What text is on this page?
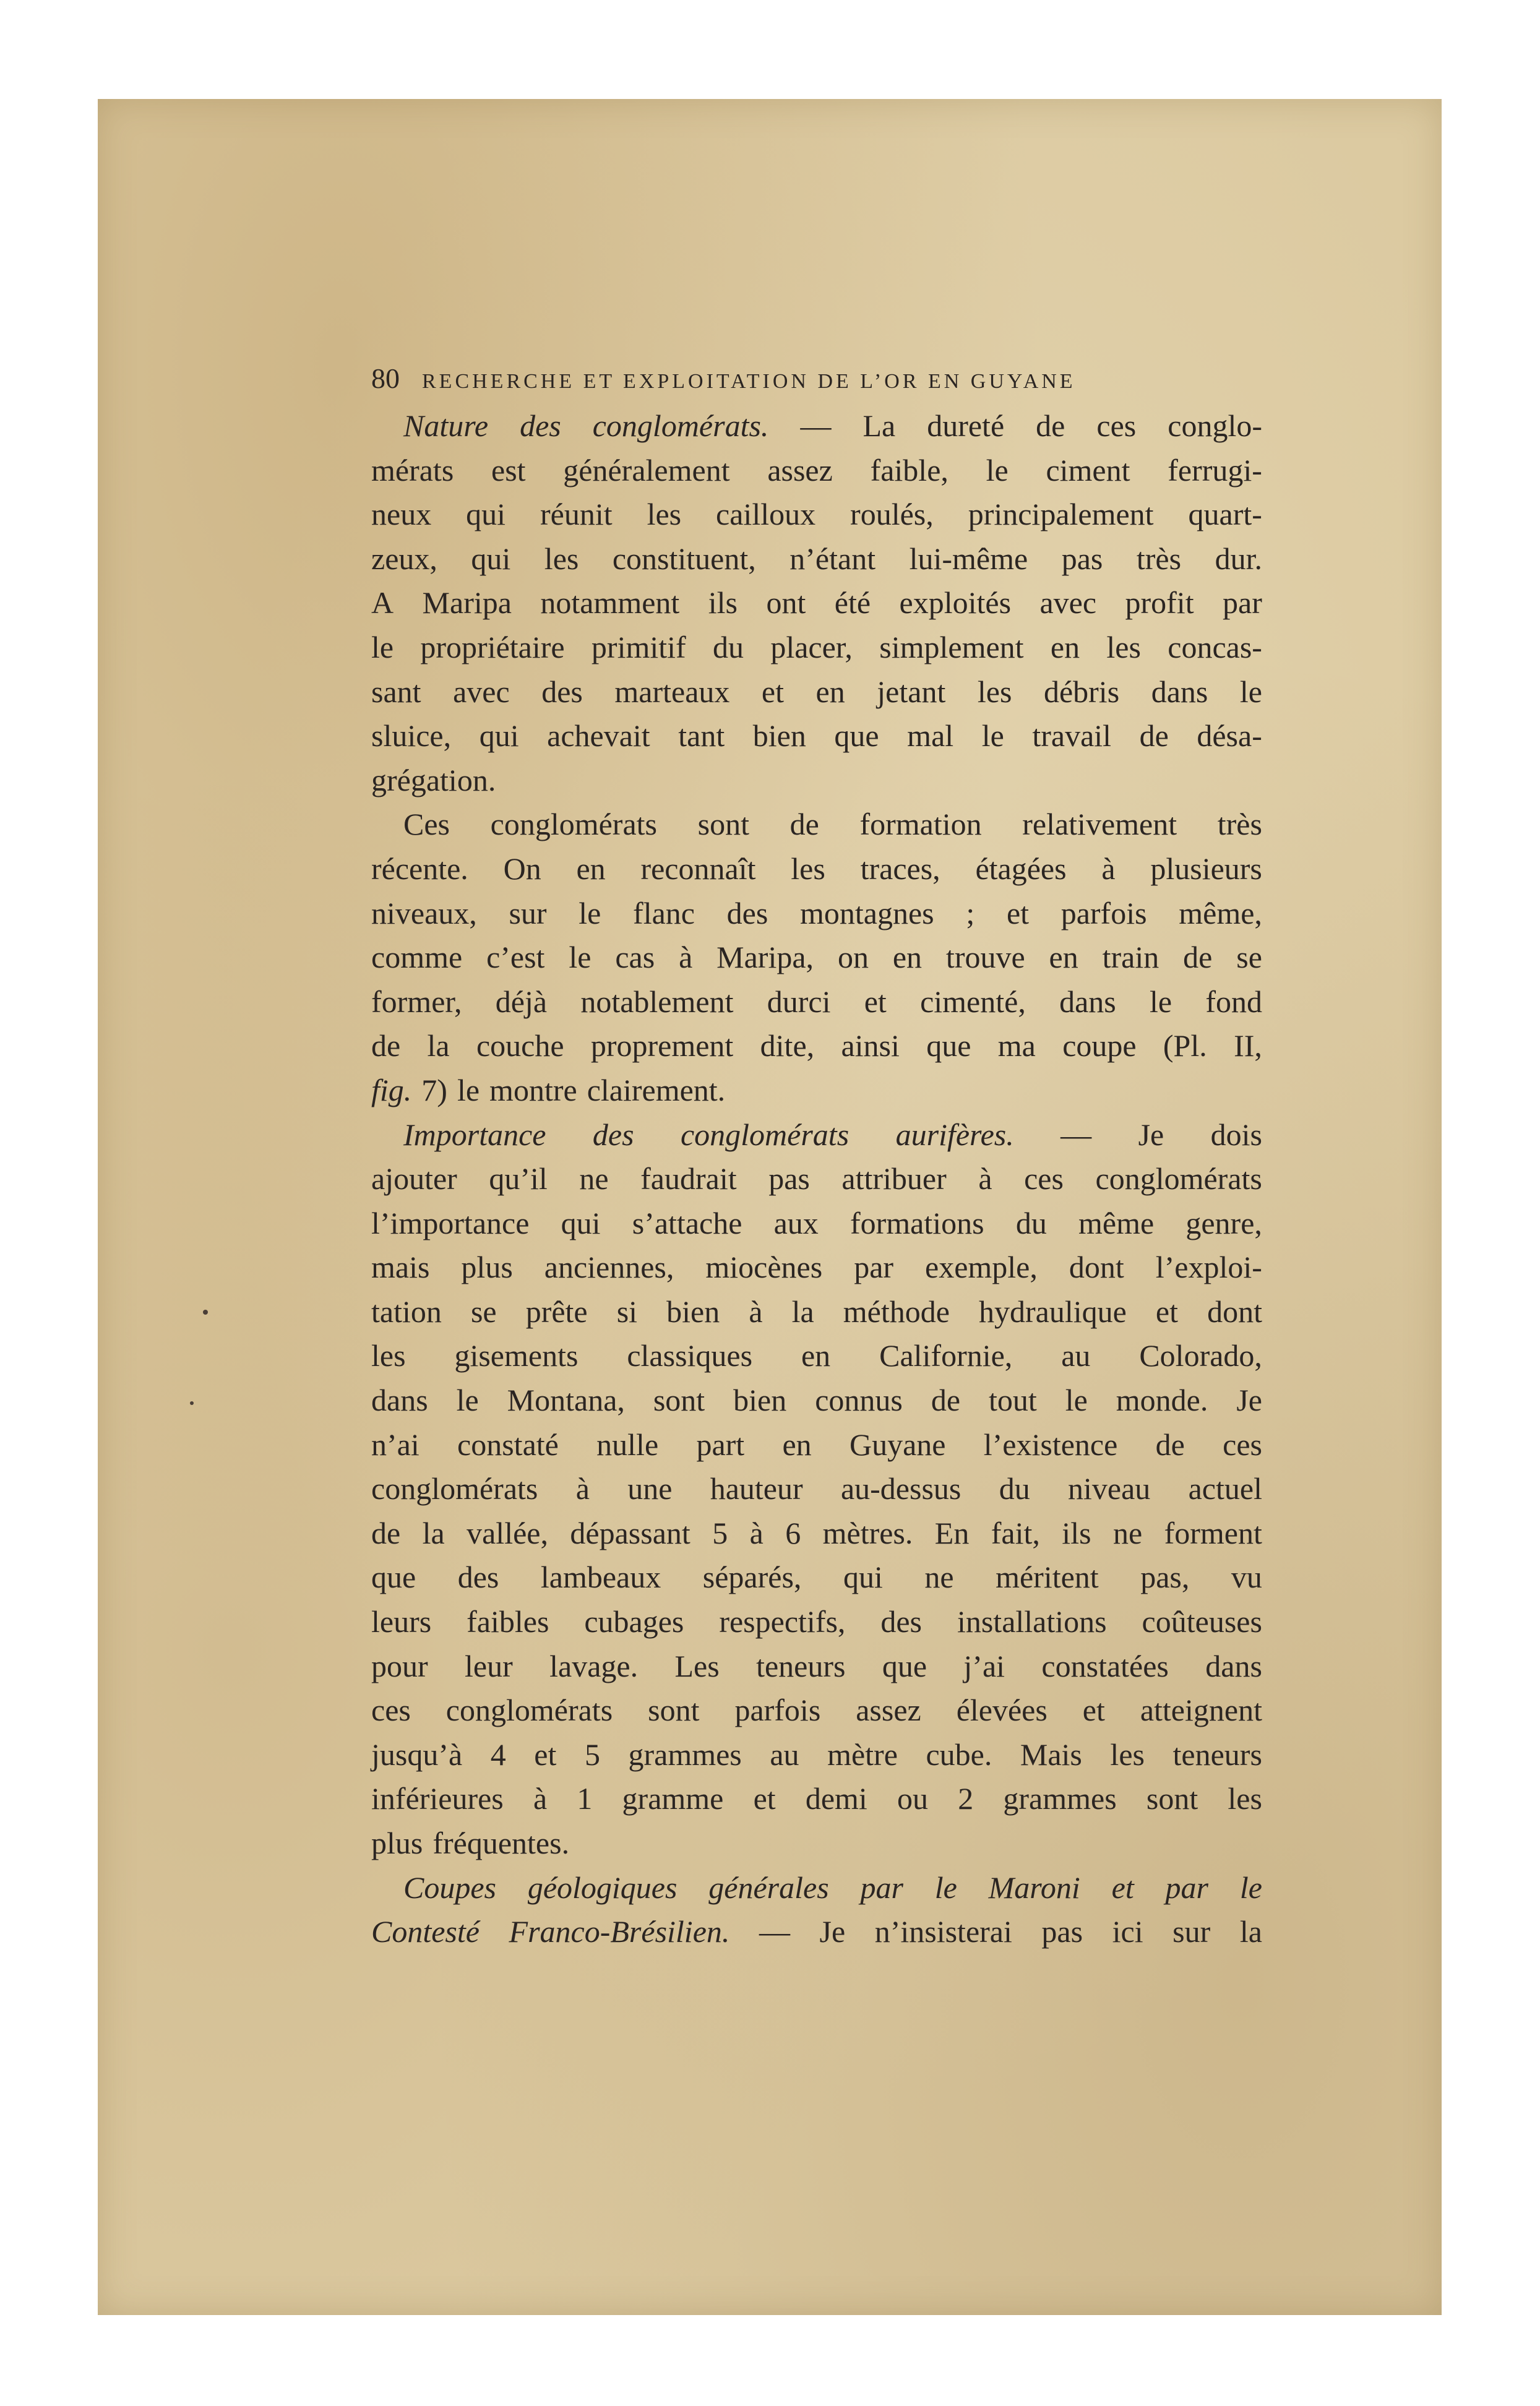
80 RECHERCHE ET EXPLOITATION DE L’OR EN GUYANE
Nature des conglomérats. — La dureté de ces conglo-
mérats est généralement assez faible, le ciment ferrugi-
neux qui réunit les cailloux roulés, principalement quart-
zeux, qui les constituent, n’étant lui-même pas très dur.
A Maripa notamment ils ont été exploités avec profit par
le propriétaire primitif du placer, simplement en les concas-
sant avec des marteaux et en jetant les débris dans le
sluice, qui achevait tant bien que mal le travail de désa-
grégation.
Ces conglomérats sont de formation relativement très
récente. On en reconnaît les traces, étagées à plusieurs
niveaux, sur le flanc des montagnes ; et parfois même,
comme c’est le cas à Maripa, on en trouve en train de se
former, déjà notablement durci et cimenté, dans le fond
de la couche proprement dite, ainsi que ma coupe (Pl. II,
fig. 7) le montre clairement.
Importance des conglomérats aurifères. — Je dois
ajouter qu’il ne faudrait pas attribuer à ces conglomérats
l’importance qui s’attache aux formations du même genre,
mais plus anciennes, miocènes par exemple, dont l’exploi-
tation se prête si bien à la méthode hydraulique et dont
les gisements classiques en Californie, au Colorado,
dans le Montana, sont bien connus de tout le monde. Je
n’ai constaté nulle part en Guyane l’existence de ces
conglomérats à une hauteur au-dessus du niveau actuel
de la vallée, dépassant 5 à 6 mètres. En fait, ils ne forment
que des lambeaux séparés, qui ne méritent pas, vu
leurs faibles cubages respectifs, des installations coûteuses
pour leur lavage. Les teneurs que j’ai constatées dans
ces conglomérats sont parfois assez élevées et atteignent
jusqu’à 4 et 5 grammes au mètre cube. Mais les teneurs
inférieures à 1 gramme et demi ou 2 grammes sont les
plus fréquentes.
Coupes géologiques générales par le Maroni et par le
Contesté Franco-Brésilien. — Je n’insisterai pas ici sur la
